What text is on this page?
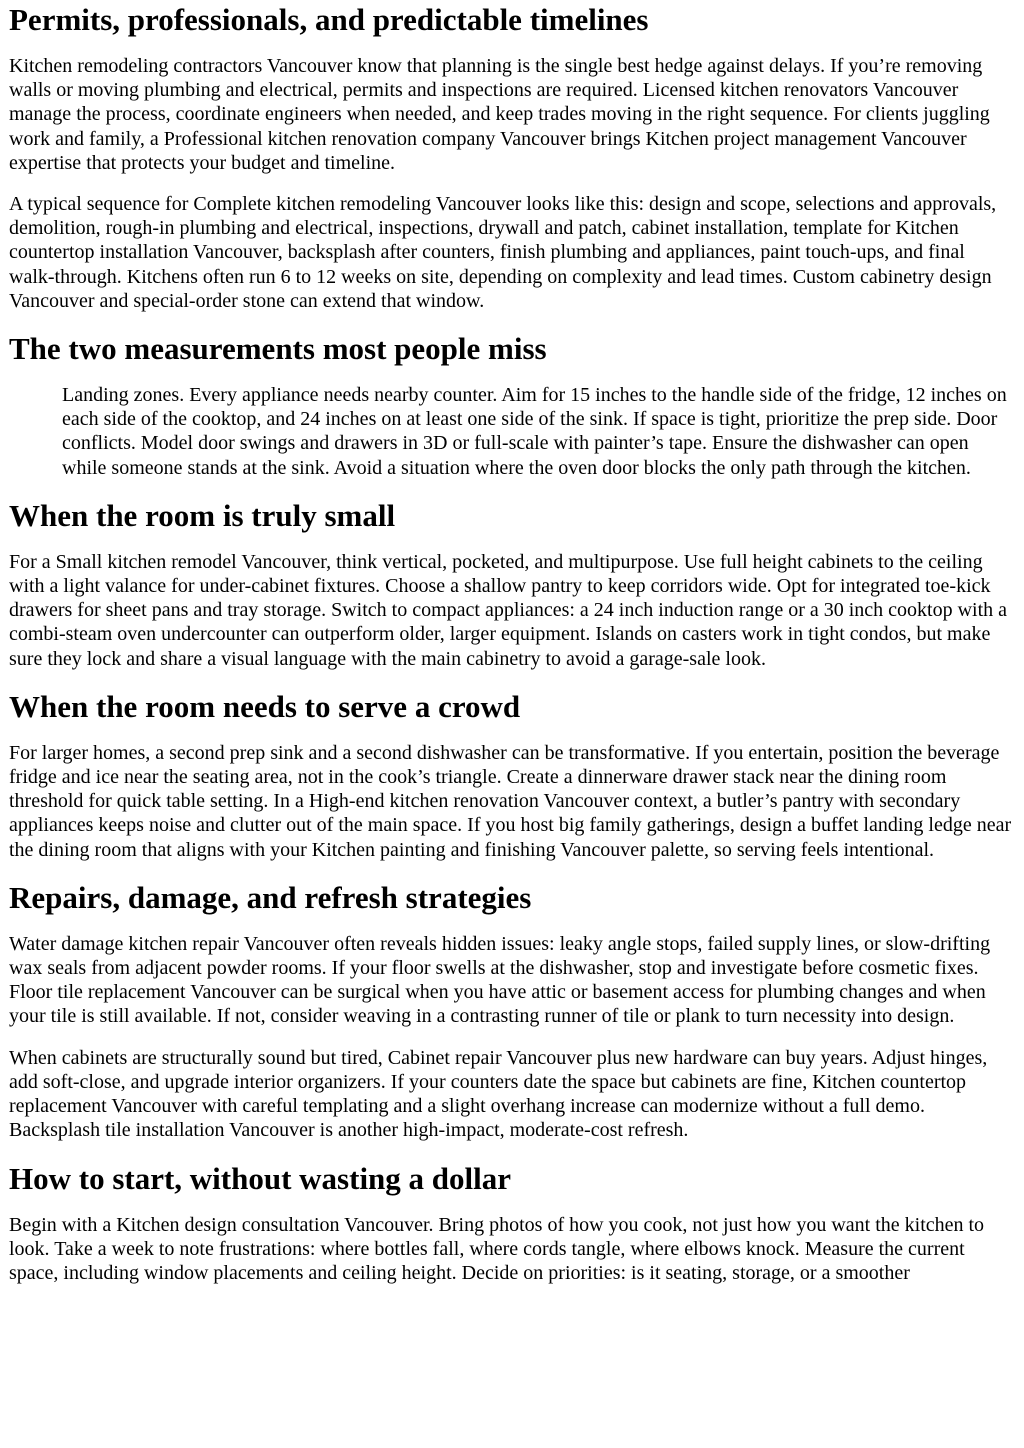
Permits, professionals, and predictable timelines

Kitchen remodeling contractors Vancouver know that planning is the single best hedge against delays. If you’re removing walls or moving plumbing and electrical, permits and inspections are required. Licensed kitchen renovators Vancouver manage the process, coordinate engineers when needed, and keep trades moving in the right sequence. For clients juggling work and family, a Professional kitchen renovation company Vancouver brings Kitchen project management Vancouver expertise that protects your budget and timeline.

A typical sequence for Complete kitchen remodeling Vancouver looks like this: design and scope, selections and approvals, demolition, rough-in plumbing and electrical, inspections, drywall and patch, cabinet installation, template for Kitchen countertop installation Vancouver, backsplash after counters, finish plumbing and appliances, paint touch-ups, and final walk-through. Kitchens often run 6 to 12 weeks on site, depending on complexity and lead times. Custom cabinetry design Vancouver and special-order stone can extend that window.

The two measurements most people miss
Landing zones. Every appliance needs nearby counter. Aim for 15 inches to the handle side of the fridge, 12 inches on each side of the cooktop, and 24 inches on at least one side of the sink. If space is tight, prioritize the prep side. Door conflicts. Model door swings and drawers in 3D or full-scale with painter’s tape. Ensure the dishwasher can open while someone stands at the sink. Avoid a situation where the oven door blocks the only path through the kitchen.
When the room is truly small

For a Small kitchen remodel Vancouver, think vertical, pocketed, and multipurpose. Use full height cabinets to the ceiling with a light valance for under-cabinet fixtures. Choose a shallow pantry to keep corridors wide. Opt for integrated toe-kick drawers for sheet pans and tray storage. Switch to compact appliances: a 24 inch induction range or a 30 inch cooktop with a combi-steam oven undercounter can outperform older, larger equipment. Islands on casters work in tight condos, but make sure they lock and share a visual language with the main cabinetry to avoid a garage-sale look.

When the room needs to serve a crowd

For larger homes, a second prep sink and a second dishwasher can be transformative. If you entertain, position the beverage fridge and ice near the seating area, not in the cook’s triangle. Create a dinnerware drawer stack near the dining room threshold for quick table setting. In a High-end kitchen renovation Vancouver context, a butler’s pantry with secondary appliances keeps noise and clutter out of the main space. If you host big family gatherings, design a buffet landing ledge near the dining room that aligns with your Kitchen painting and finishing Vancouver palette, so serving feels intentional.

Repairs, damage, and refresh strategies

Water damage kitchen repair Vancouver often reveals hidden issues: leaky angle stops, failed supply lines, or slow-drifting wax seals from adjacent powder rooms. If your floor swells at the dishwasher, stop and investigate before cosmetic fixes. Floor tile replacement Vancouver can be surgical when you have attic or basement access for plumbing changes and when your tile is still available. If not, consider weaving in a contrasting runner of tile or plank to turn necessity into design.

When cabinets are structurally sound but tired, Cabinet repair Vancouver plus new hardware can buy years. Adjust hinges, add soft-close, and upgrade interior organizers. If your counters date the space but cabinets are fine, Kitchen countertop replacement Vancouver with careful templating and a slight overhang increase can modernize without a full demo. Backsplash tile installation Vancouver is another high-impact, moderate-cost refresh.

How to start, without wasting a dollar

Begin with a Kitchen design consultation Vancouver. Bring photos of how you cook, not just how you want the kitchen to look. Take a week to note frustrations: where bottles fall, where cords tangle, where elbows knock. Measure the current space, including window placements and ceiling height. Decide on priorities: is it seating, storage, or a smoother
